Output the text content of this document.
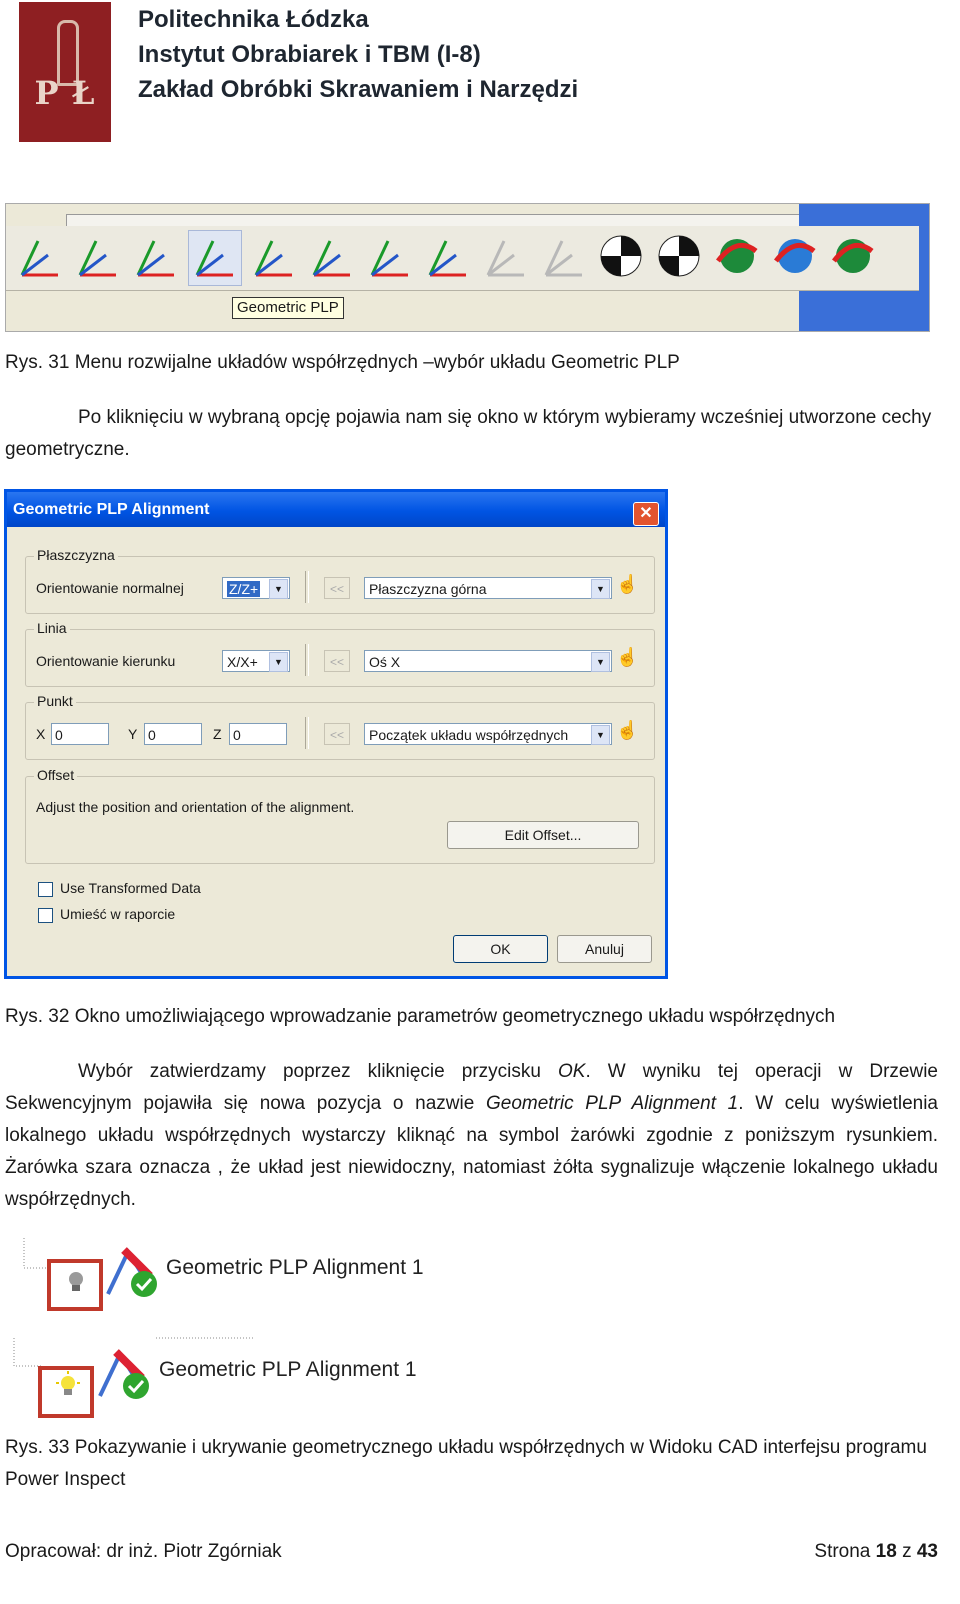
P Ł
Politechnika Łódzka
Instytut Obrabiarek i TBM (I-8)
Zakład Obróbki Skrawaniem i Narzędzi
Geometric PLP
Rys. 31 Menu rozwijalne układów współrzędnych –wybór układu Geometric PLP
Po kliknięciu w wybraną opcję pojawia nam się okno w którym wybieramy wcześniej utworzone cechy geometryczne.
Geometric PLP Alignment	✕
Płaszczyzna
Orientowanie normalnej	Z/Z+	▼	<<	Płaszczyzna górna	▼ ☝
Linia
Orientowanie kierunku	X/X+	▼	<<	Oś X	▼ ☝
Punkt
X 0	Y 0	Z 0	<<	Początek układu współrzędnych	▼ ☝
Offset
Adjust the position and orientation of the alignment.
Edit Offset...
Use Transformed Data
Umieść w raporcie
OK	Anuluj
Rys. 32 Okno umożliwiającego wprowadzanie parametrów geometrycznego układu współrzędnych
Wybór zatwierdzamy poprzez kliknięcie przycisku OK. W wyniku tej operacji w Drzewie Sekwencyjnym pojawiła się nowa pozycja o nazwie Geometric PLP Alignment 1. W celu wyświetlenia lokalnego układu współrzędnych wystarczy kliknąć na symbol żarówki zgodnie z poniższym rysunkiem. Żarówka szara oznacza , że układ jest niewidoczny, natomiast żółta sygnalizuje włączenie lokalnego układu współrzędnych.
Geometric PLP Alignment 1
Geometric PLP Alignment 1
Rys. 33 Pokazywanie i ukrywanie geometrycznego układu współrzędnych w Widoku CAD interfejsu programu Power Inspect
Opracował: dr inż. Piotr Zgórniak	Strona 18 z 43
